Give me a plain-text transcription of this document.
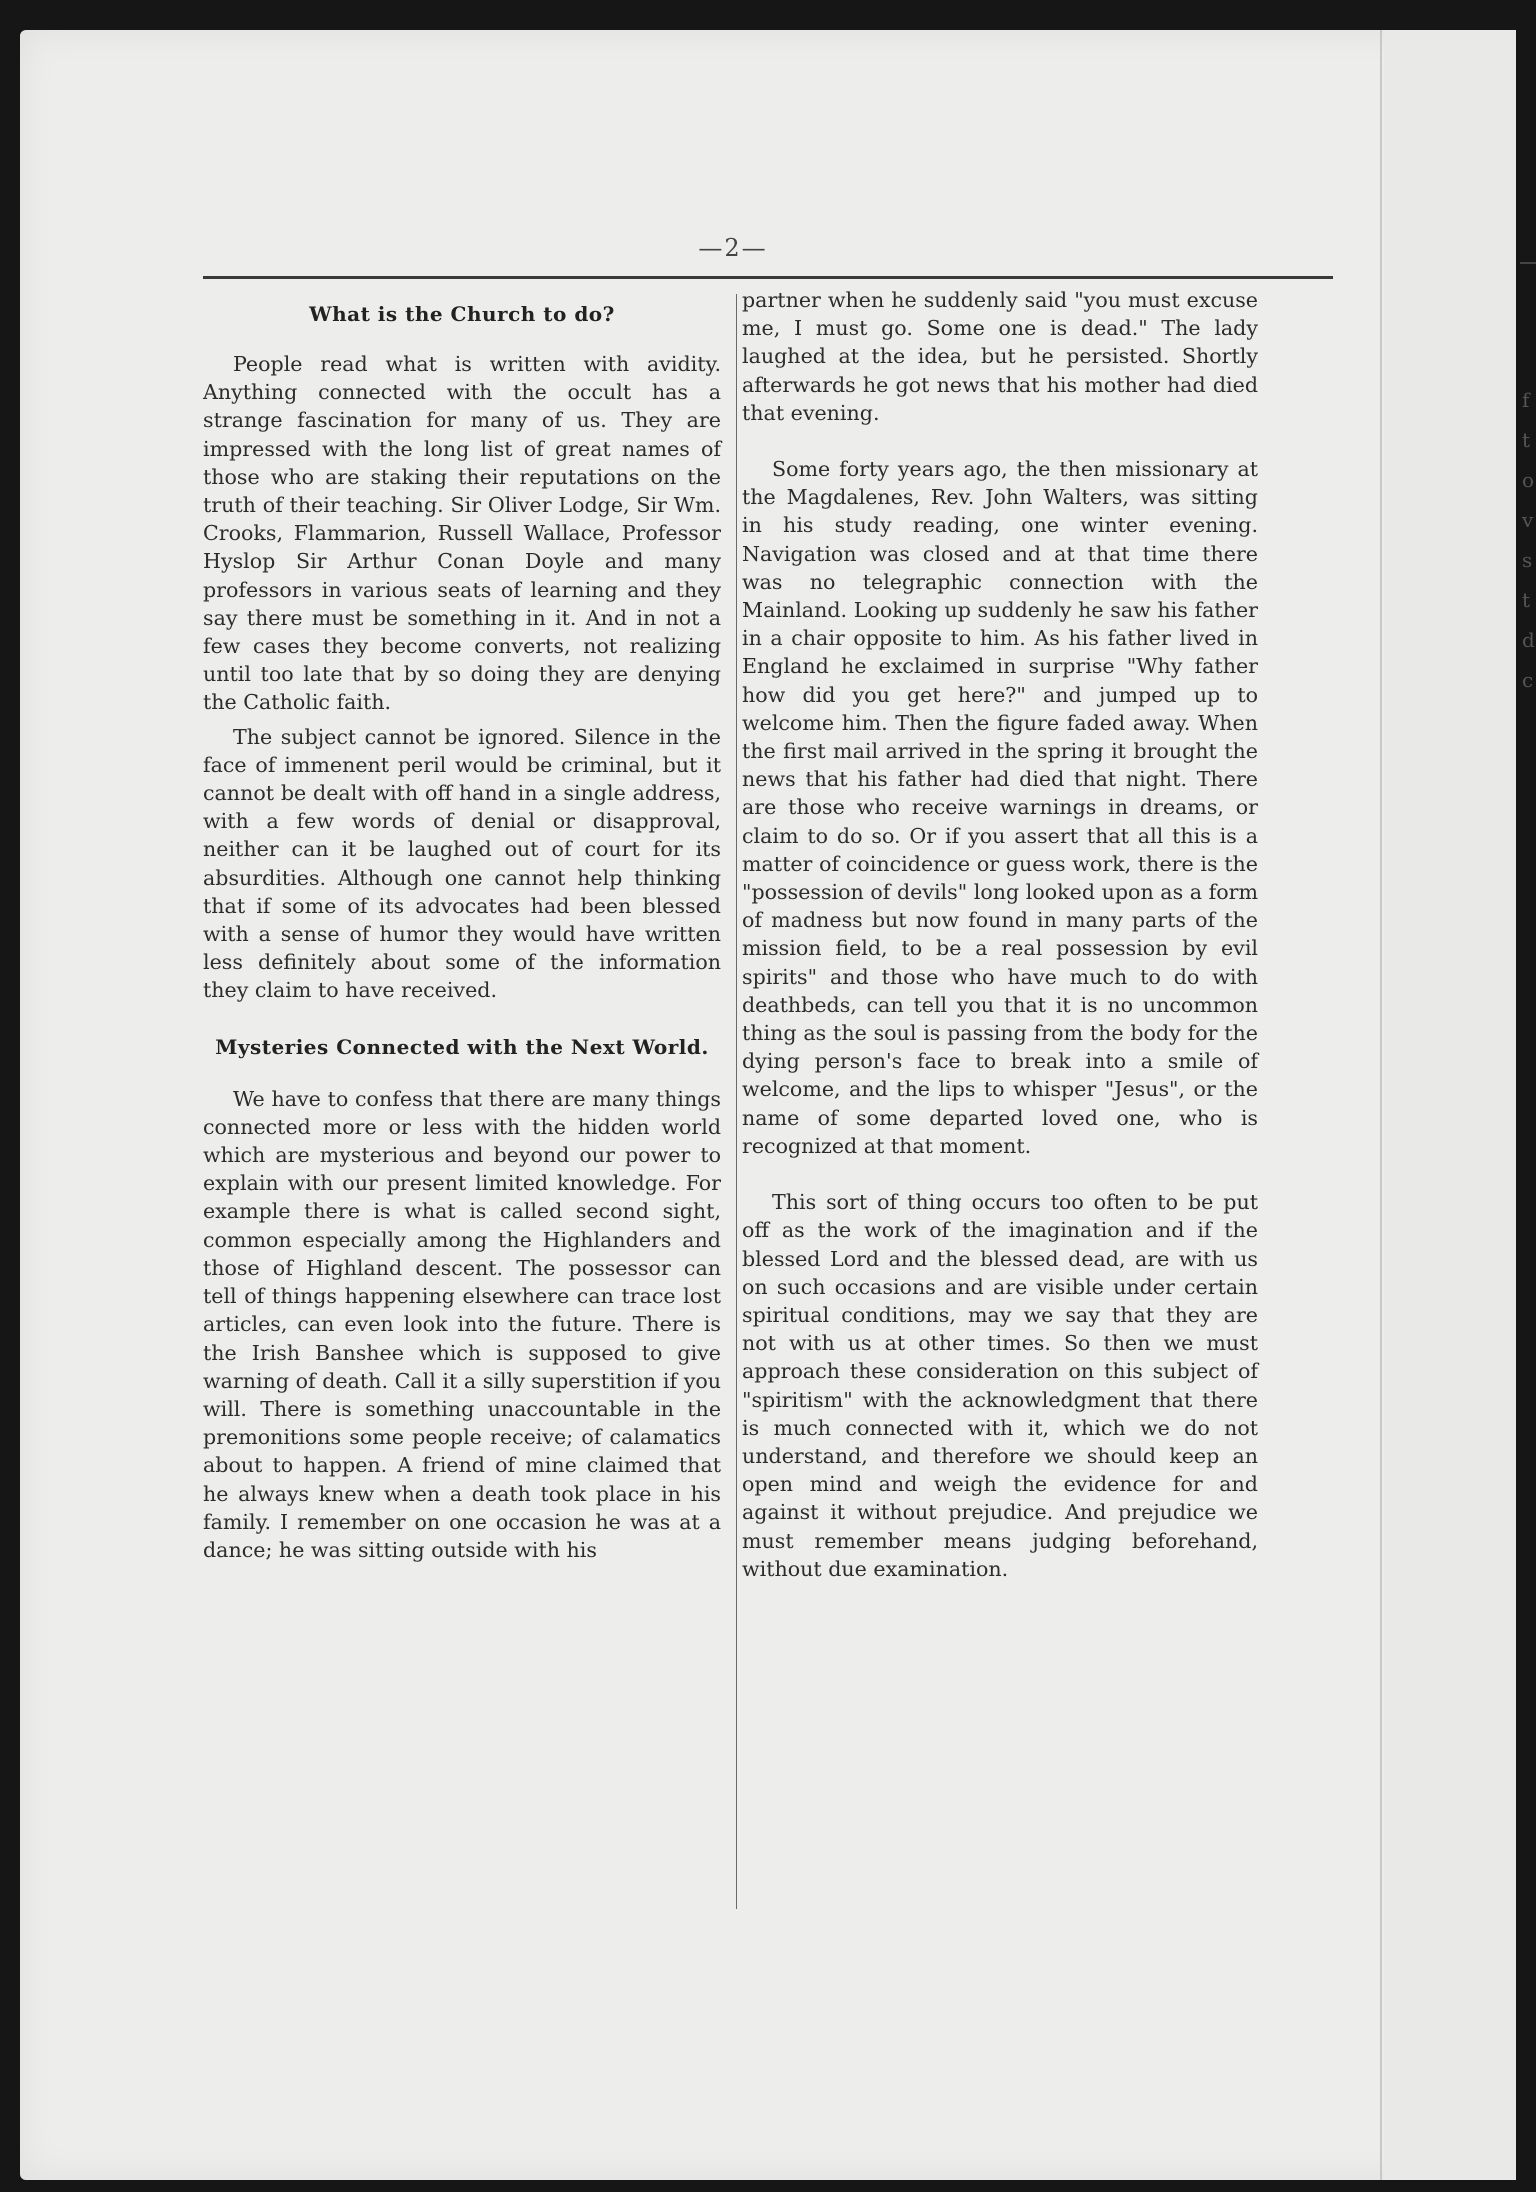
f
t
o
v
s
t
d
c
—2—
What is the Church to do?

People read what is written with avidity. Anything connected with the occult has a strange fascination for many of us. They are impressed with the long list of great names of those who are staking their reputations on the truth of their teaching. Sir Oliver Lodge, Sir Wm. Crooks, Flammarion, Russell Wallace, Professor Hyslop Sir Arthur Conan Doyle and many professors in various seats of learning and they say there must be something in it. And in not a few cases they become converts, not realizing until too late that by so doing they are denying the Catholic faith.

The subject cannot be ignored. Silence in the face of immenent peril would be criminal, but it cannot be dealt with off hand in a single address, with a few words of denial or disapproval, neither can it be laughed out of court for its absurdities. Although one cannot help thinking that if some of its advocates had been blessed with a sense of humor they would have written less definitely about some of the information they claim to have received.

Mysteries Connected with the Next World.

We have to confess that there are many things connected more or less with the hidden world which are mysterious and beyond our power to explain with our present limited knowledge. For example there is what is called second sight, common especially among the Highlanders and those of Highland descent. The possessor can tell of things happening elsewhere can trace lost articles, can even look into the future. There is the Irish Banshee which is supposed to give warning of death. Call it a silly superstition if you will. There is something unaccountable in the premonitions some people receive; of calamatics about to happen. A friend of mine claimed that he always knew when a death took place in his family. I remember on one occasion he was at a dance; he was sitting outside with his

partner when he suddenly said "you must excuse me, I must go. Some one is dead." The lady laughed at the idea, but he persisted. Shortly afterwards he got news that his mother had died that evening.

Some forty years ago, the then missionary at the Magdalenes, Rev. John Walters, was sitting in his study reading, one winter evening. Navigation was closed and at that time there was no telegraphic connection with the Mainland. Looking up suddenly he saw his father in a chair opposite to him. As his father lived in England he exclaimed in surprise "Why father how did you get here?" and jumped up to welcome him. Then the figure faded away. When the first mail arrived in the spring it brought the news that his father had died that night. There are those who receive warnings in dreams, or claim to do so. Or if you assert that all this is a matter of coincidence or guess work, there is the "possession of devils" long looked upon as a form of madness but now found in many parts of the mission field, to be a real possession by evil spirits" and those who have much to do with deathbeds, can tell you that it is no uncommon thing as the soul is passing from the body for the dying person's face to break into a smile of welcome, and the lips to whisper "Jesus", or the name of some departed loved one, who is recognized at that moment.

This sort of thing occurs too often to be put off as the work of the imagination and if the blessed Lord and the blessed dead, are with us on such occasions and are visible under certain spiritual conditions, may we say that they are not with us at other times. So then we must approach these consideration on this subject of "spiritism" with the acknowledgment that there is much connected with it, which we do not understand, and therefore we should keep an open mind and weigh the evidence for and against it without prejudice. And prejudice we must remember means judging beforehand, without due examination.
